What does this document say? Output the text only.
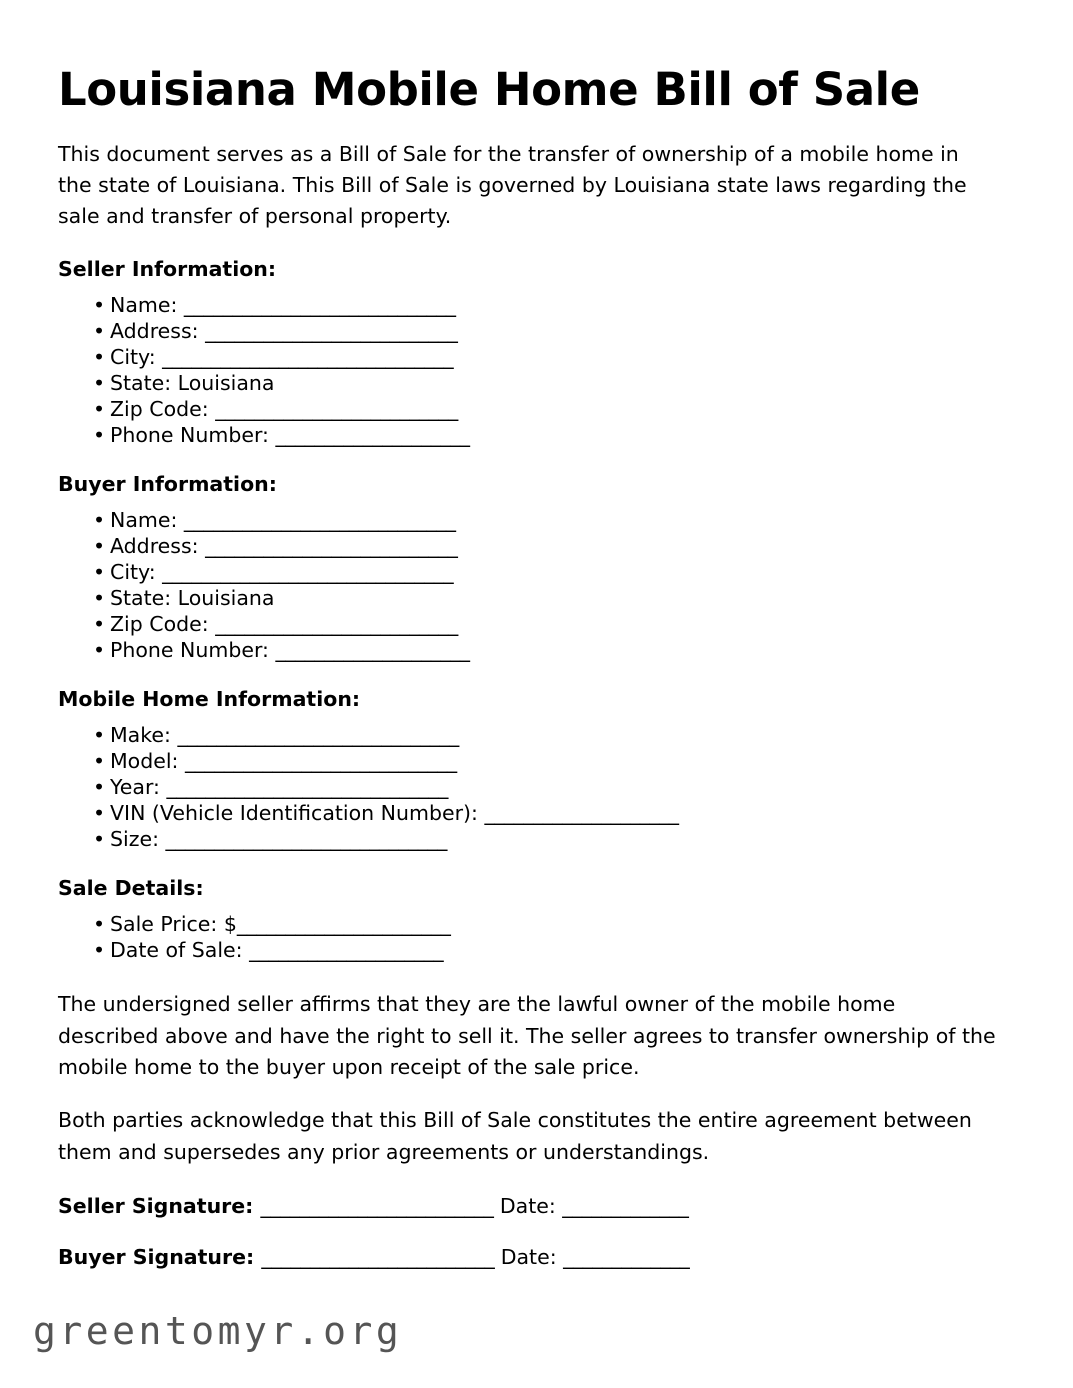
Louisiana Mobile Home Bill of Sale

This document serves as a Bill of Sale for the transfer of ownership of a mobile home in the state of Louisiana. This Bill of Sale is governed by Louisiana state laws regarding the sale and transfer of personal property.

Seller Information:
• Name: ____________________________
• Address: __________________________
• City: ______________________________
• State: Louisiana
• Zip Code: _________________________
• Phone Number: ____________________
Buyer Information:
• Name: ____________________________
• Address: __________________________
• City: ______________________________
• State: Louisiana
• Zip Code: _________________________
• Phone Number: ____________________
Mobile Home Information:
• Make: _____________________________
• Model: ____________________________
• Year: _____________________________
• VIN (Vehicle Identification Number): ____________________
• Size: _____________________________
Sale Details:
• Sale Price: $______________________
• Date of Sale: ____________________

The undersigned seller affirms that they are the lawful owner of the mobile home described above and have the right to sell it. The seller agrees to transfer ownership of the mobile home to the buyer upon receipt of the sale price.

Both parties acknowledge that this Bill of Sale constitutes the entire agreement between them and supersedes any prior agreements or understandings.

Seller Signature: ________________________ Date: _____________
Buyer Signature: ________________________ Date: _____________
greentomyr.org
